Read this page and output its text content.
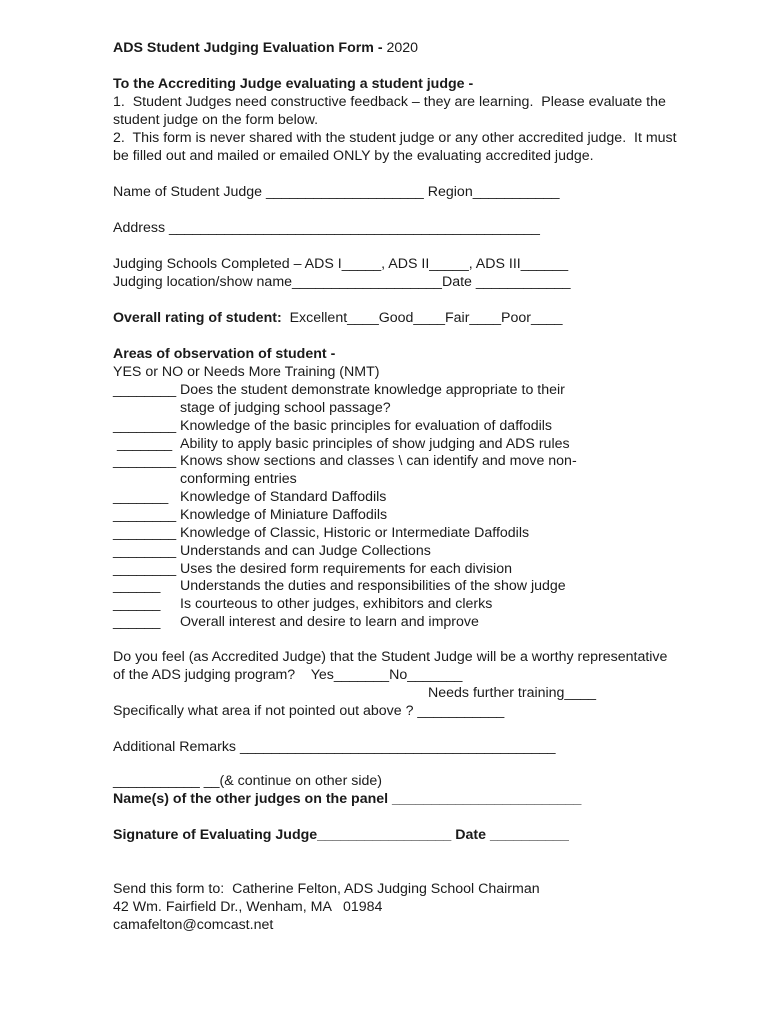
ADS Student Judging Evaluation Form - 2020
To the Accrediting Judge evaluating a student judge -
1.  Student Judges need constructive feedback – they are learning.  Please evaluate the
student judge on the form below.
2.  This form is never shared with the student judge or any other accredited judge.  It must
be filled out and mailed or emailed ONLY by the evaluating accredited judge.
Name of Student Judge ____________________ Region___________
Address _______________________________________________
Judging Schools Completed – ADS I_____, ADS II_____, ADS III______
Judging location/show name___________________Date ____________
Overall rating of student:  Excellent____Good____Fair____Poor____
Areas of observation of student -
YES or NO or Needs More Training (NMT)
________ Does the student demonstrate knowledge appropriate to their
stage of judging school passage?
________ Knowledge of the basic principles for evaluation of daffodils
_______ Ability to apply basic principles of show judging and ADS rules
________ Knows show sections and classes \ can identify and move non-
conforming entries
_______ Knowledge of Standard Daffodils
________ Knowledge of Miniature Daffodils
________ Knowledge of Classic, Historic or Intermediate Daffodils
________ Understands and can Judge Collections
________ Uses the desired form requirements for each division
______ Understands the duties and responsibilities of the show judge
______ Is courteous to other judges, exhibitors and clerks
______ Overall interest and desire to learn and improve
Do you feel (as Accredited Judge) that the Student Judge will be a worthy representative
of the ADS judging program?    Yes_______No_______
Needs further training____
Specifically what area if not pointed out above ? ___________
Additional Remarks ________________________________________
___________ __(& continue on other side)
Name(s) of the other judges on the panel ________________________
Signature of Evaluating Judge_________________ Date __________
Send this form to:  Catherine Felton, ADS Judging School Chairman
42 Wm. Fairfield Dr., Wenham, MA   01984
camafelton@comcast.net
